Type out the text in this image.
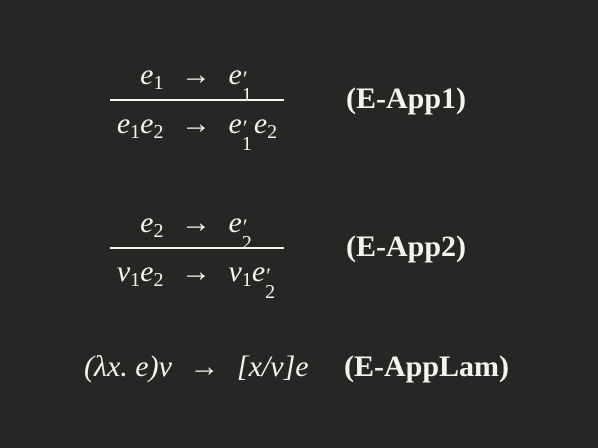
$e_1 \to e$ ′
1
$e_1e_2 \to e$ ′
1
$e_2$
(E-App1)
$e_2 \to e$ ′
2
$v_1e_2 \to v_1e$ ′
2
(E-App2)
(λx. e)v → [x/v]e (E-AppLam)
